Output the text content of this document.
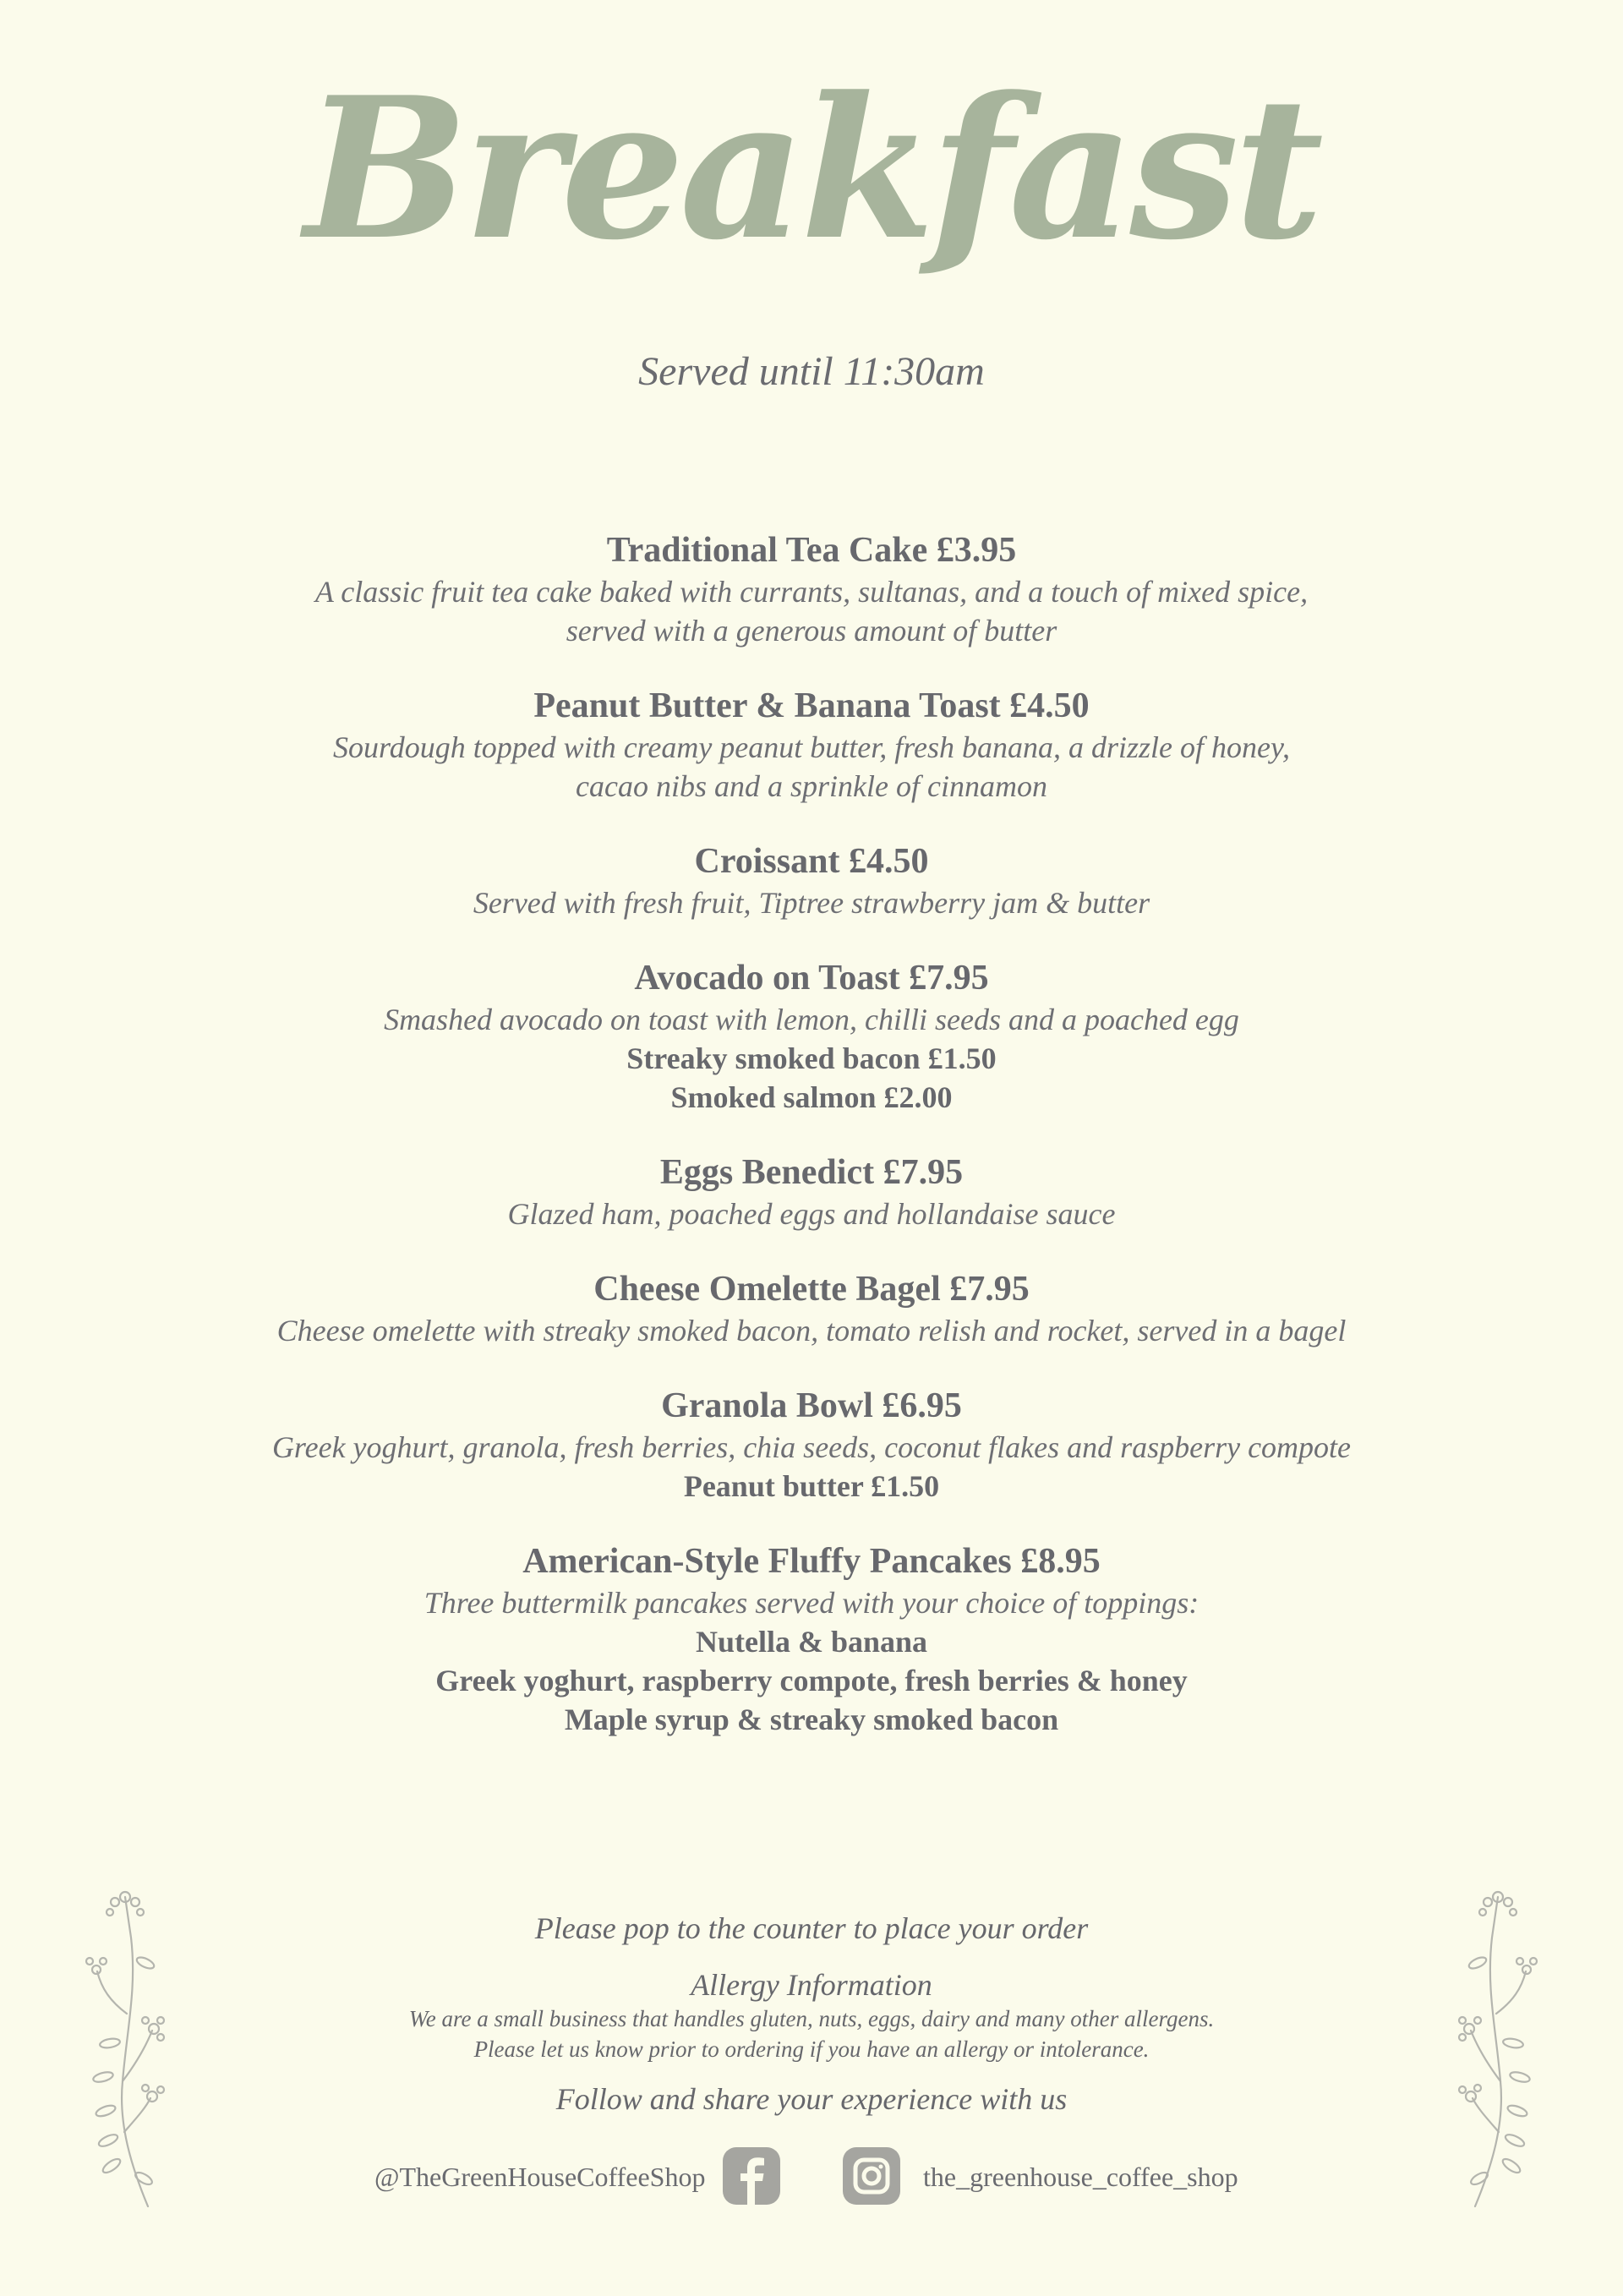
Breakfast
Served until 11:30am
Traditional Tea Cake £3.95
A classic fruit tea cake baked with currants, sultanas, and a touch of mixed spice,
served with a generous amount of butter
Peanut Butter & Banana Toast £4.50
Sourdough topped with creamy peanut butter, fresh banana, a drizzle of honey,
cacao nibs and a sprinkle of cinnamon
Croissant £4.50
Served with fresh fruit, Tiptree strawberry jam & butter
Avocado on Toast £7.95
Smashed avocado on toast with lemon, chilli seeds and a poached egg
Streaky smoked bacon £1.50
Smoked salmon £2.00
Eggs Benedict £7.95
Glazed ham, poached eggs and hollandaise sauce
Cheese Omelette Bagel £7.95
Cheese omelette with streaky smoked bacon, tomato relish and rocket, served in a bagel
Granola Bowl £6.95
Greek yoghurt, granola, fresh berries, chia seeds, coconut flakes and raspberry compote
Peanut butter £1.50
American-Style Fluffy Pancakes £8.95
Three buttermilk pancakes served with your choice of toppings:
Nutella & banana
Greek yoghurt, raspberry compote, fresh berries & honey
Maple syrup & streaky smoked bacon
Please pop to the counter to place your order
Allergy Information
We are a small business that handles gluten, nuts, eggs, dairy and many other allergens.
Please let us know prior to ordering if you have an allergy or intolerance.
Follow and share your experience with us
@TheGreenHouseCoffeeShop	the_greenhouse_coffee_shop
